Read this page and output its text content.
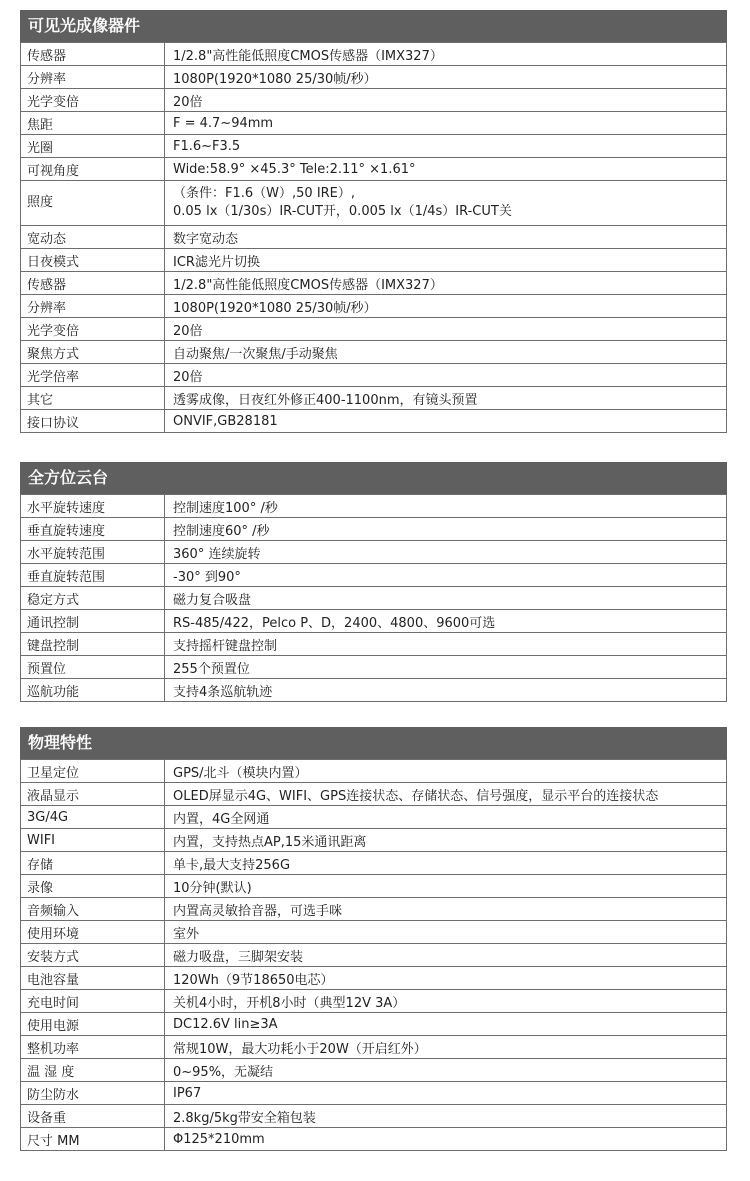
可见光成像器件
传感器	1/2.8"高性能低照度CMOS传感器（IMX327）
分辨率	1080P(1920*1080 25/30帧/秒）
光学变倍	20倍
焦距	F = 4.7~94mm
光圈	F1.6~F3.5
可视角度	Wide:58.9° ×45.3° Tele:2.11° ×1.61°
照度	（条件：F1.6（W）,50 IRE）,
0.05 lx（1/30s）IR-CUT开，0.005 lx（1/4s）IR-CUT关

宽动态	数字宽动态
日夜模式	ICR滤光片切换
传感器	1/2.8"高性能低照度CMOS传感器（IMX327）
分辨率	1080P(1920*1080 25/30帧/秒）
光学变倍	20倍
聚焦方式	自动聚焦/一次聚焦/手动聚焦
光学倍率	20倍
其它	透雾成像，日夜红外修正400-1100nm，有镜头预置
接口协议	ONVIF,GB28181
全方位云台
水平旋转速度	控制速度100° /秒
垂直旋转速度	控制速度60° /秒
水平旋转范围	360° 连续旋转
垂直旋转范围	-30° 到90°
稳定方式	磁力复合吸盘
通讯控制	RS-485/422，Pelco P、D，2400、4800、9600可选
键盘控制	支持摇杆键盘控制
预置位	255个预置位
巡航功能	支持4条巡航轨迹
物理特性
卫星定位	GPS/北斗（模块内置）
液晶显示	OLED屏显示4G、WIFI、GPS连接状态、存储状态、信号强度，显示平台的连接状态
3G/4G	内置，4G全网通
WIFI	内置，支持热点AP,15米通讯距离
存储	单卡,最大支持256G
录像	10分钟(默认)
音频输入	内置高灵敏拾音器，可选手咪
使用环境	室外
安装方式	磁力吸盘，三脚架安装
电池容量	120Wh（9节18650电芯）
充电时间	关机4小时，开机8小时（典型12V 3A）
使用电源	DC12.6V lin≥3A
整机功率	常规10W，最大功耗小于20W（开启红外）
温 湿 度	0~95%，无凝结
防尘防水	IP67
设备重	2.8kg/5kg带安全箱包装
尺寸 MM	Φ125*210mm
